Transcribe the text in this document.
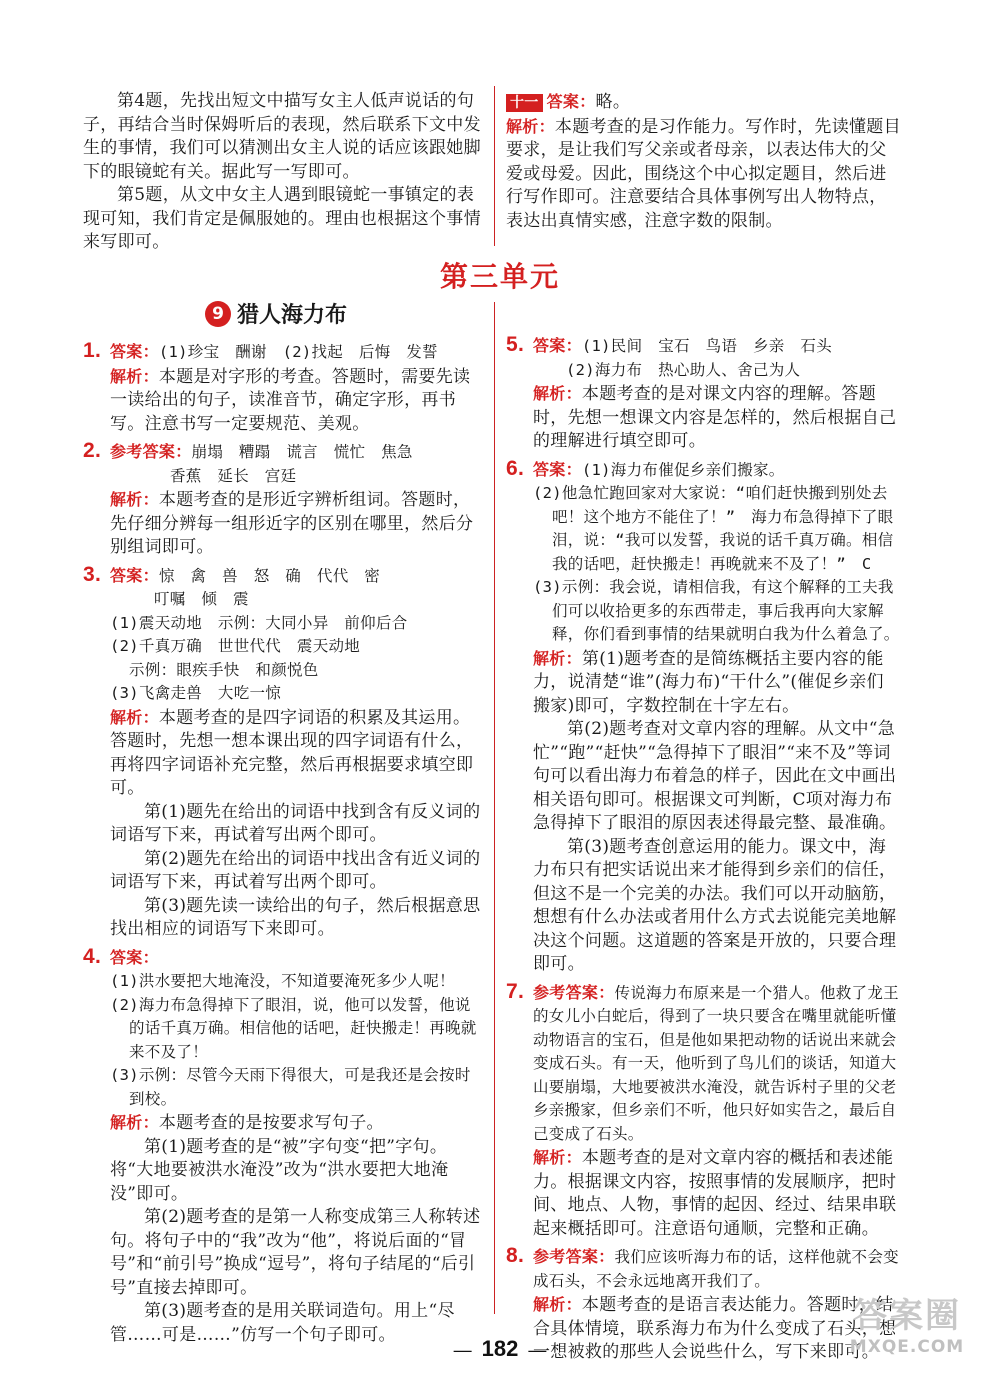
第4题，先找出短文中描写女主人低声说话的句子，再结合当时保姆听后的表现，然后联系下文中发生的事情，我们可以猜测出女主人说的话应该跟她脚下的眼镜蛇有关。据此写一写即可。

第5题，从文中女主人遇到眼镜蛇一事镇定的表现可知，我们肯定是佩服她的。理由也根据这个事情来写即可。

十一 答案：略。

解析：本题考查的是习作能力。写作时，先读懂题目要求，是让我们写父亲或者母亲，以表达伟大的父爱或母爱。因此，围绕这个中心拟定题目，然后进行写作即可。注意要结合具体事例写出人物特点，表达出真情实感，注意字数的限制。

第三单元
9 猎人海力布
1. 答案：(1)珍宝　酬谢　(2)找起　后悔　发誓

解析：本题是对字形的考查。答题时，需要先读一读给出的句子，读准音节，确定字形，再书写。注意书写一定要规范、美观。

2. 参考答案：崩塌　糟蹋　谎言　慌忙　焦急

香蕉　延长　宫廷

解析：本题考查的是形近字辨析组词。答题时，先仔细分辨每一组形近字的区别在哪里，然后分别组词即可。

3. 答案：惊　禽　兽　怒　确　代代　密

叮嘱　倾　震

(1)震天动地　示例：大同小异　前仰后合

(2)千真万确　世世代代　震天动地

示例：眼疾手快　和颜悦色

(3)飞禽走兽　大吃一惊

解析：本题考查的是四字词语的积累及其运用。答题时，先想一想本课出现的四字词语有什么，再将四字词语补充完整，然后再根据要求填空即可。

第(1)题先在给出的词语中找到含有反义词的词语写下来，再试着写出两个即可。

第(2)题先在给出的词语中找出含有近义词的词语写下来，再试着写出两个即可。

第(3)题先读一读给出的句子，然后根据意思找出相应的词语写下来即可。

4. 答案：

(1)洪水要把大地淹没，不知道要淹死多少人呢！

(2)海力布急得掉下了眼泪，说，他可以发誓，他说的话千真万确。相信他的话吧，赶快搬走！再晚就来不及了！

(3)示例：尽管今天雨下得很大，可是我还是会按时到校。

解析：本题考查的是按要求写句子。

第(1)题考查的是“被”字句变“把”字句。将“大地要被洪水淹没”改为“洪水要把大地淹没”即可。

第(2)题考查的是第一人称变成第三人称转述句。将句子中的“我”改为“他”，将说后面的“冒号”和“前引号”换成“逗号”，将句子结尾的“后引号”直接去掉即可。

第(3)题考查的是用关联词造句。用上“尽管……可是……”仿写一个句子即可。

5. 答案：(1)民间　宝石　鸟语　乡亲　石头

(2)海力布　热心助人、舍己为人

解析：本题考查的是对课文内容的理解。答题时，先想一想课文内容是怎样的，然后根据自己的理解进行填空即可。

6. 答案：(1)海力布催促乡亲们搬家。

(2)他急忙跑回家对大家说：“咱们赶快搬到别处去吧！这个地方不能住了！”　海力布急得掉下了眼泪，说：“我可以发誓，我说的话千真万确。相信我的话吧，赶快搬走！再晚就来不及了！”　C

(3)示例：我会说，请相信我，有这个解释的工夫我们可以收拾更多的东西带走，事后我再向大家解释，你们看到事情的结果就明白我为什么着急了。

解析：第(1)题考查的是简练概括主要内容的能力，说清楚“谁”(海力布)“干什么”(催促乡亲们搬家)即可，字数控制在十字左右。

第(2)题考查对文章内容的理解。从文中“急忙”“跑”“赶快”“急得掉下了眼泪”“来不及”等词句可以看出海力布着急的样子，因此在文中画出相关语句即可。根据课文可判断，C项对海力布急得掉下了眼泪的原因表述得最完整、最准确。

第(3)题考查创意运用的能力。课文中，海力布只有把实话说出来才能得到乡亲们的信任，但这不是一个完美的办法。我们可以开动脑筋，想想有什么办法或者用什么方式去说能完美地解决这个问题。这道题的答案是开放的，只要合理即可。

7. 参考答案：传说海力布原来是一个猎人。他救了龙王的女儿小白蛇后，得到了一块只要含在嘴里就能听懂动物语言的宝石，但是他如果把动物的话说出来就会变成石头。有一天，他听到了鸟儿们的谈话，知道大山要崩塌，大地要被洪水淹没，就告诉村子里的父老乡亲搬家，但乡亲们不听，他只好如实告之，最后自己变成了石头。

解析：本题考查的是对文章内容的概括和表述能力。根据课文内容，按照事情的发展顺序，把时间、地点、人物，事情的起因、经过、结果串联起来概括即可。注意语句通顺，完整和正确。

8. 参考答案：我们应该听海力布的话，这样他就不会变成石头，不会永远地离开我们了。

解析：本题考查的是语言表达能力。答题时，结合具体情境，联系海力布为什么变成了石头，想一想被救的那些人会说些什么，写下来即可。

— 182 —
答案圈
MXQE.COM
